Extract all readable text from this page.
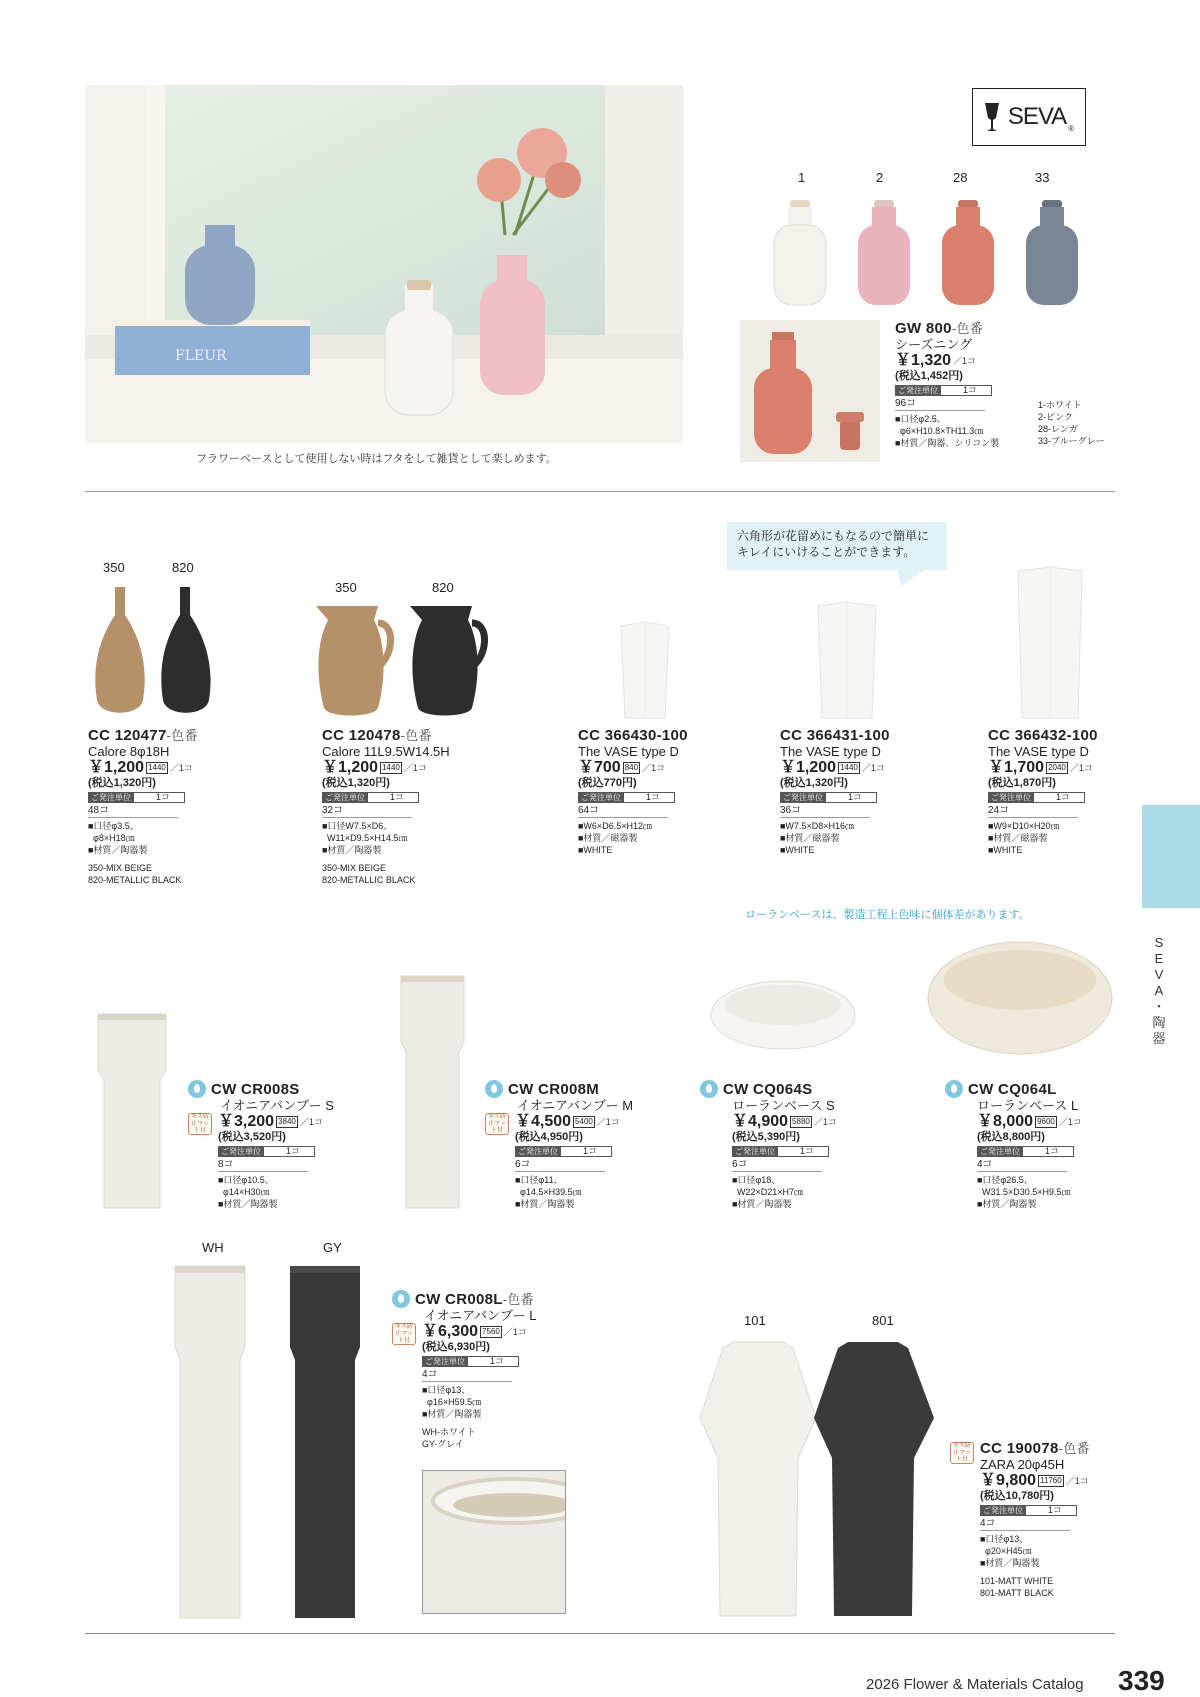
FLEUR
フラワーベースとして使用しない時はフタをして雑貨として楽しめます。
SEVA ®
1	2	28	33
GW 800-色番
シーズニング
￥1,320 ／1コ
(税込1,452円)
ご発注単位	1コ
96コ
■口径φ2.5、
φ6×H10.8×TH11.3㎝
■材質／陶器、シリコン製
1-ホワイト
2-ピンク
28-レンガ
33-ブルーグレー
六角形が花留めにもなるので簡単に
キレイにいけることができます。
350	820
CC 120477-色番
Calore 8φ18H
￥1,200 1440 ／1コ
(税込1,320円)
ご発注単位	1コ
48コ
■口径φ3.5、
φ8×H18㎝
■材質／陶器製
350-MIX BEIGE
820-METALLIC BLACK
350	820
CC 120478-色番
Calore 11L9.5W14.5H
￥1,200 1440 ／1コ
(税込1,320円)
ご発注単位	1コ
32コ
■口径W7.5×D6、
W11×D9.5×H14.5㎝
■材質／陶器製
350-MIX BEIGE
820-METALLIC BLACK
CC 366430-100
The VASE type D
￥700 840 ／1コ
(税込770円)
ご発注単位	1コ
64コ
■W6×D6.5×H12㎝
■材質／磁器製
■WHITE
CC 366431-100
The VASE type D
￥1,200 1440 ／1コ
(税込1,320円)
ご発注単位	1コ
36コ
■W7.5×D8×H16㎝
■材質／磁器製
■WHITE
CC 366432-100
The VASE type D
￥1,700 2040 ／1コ
(税込1,870円)
ご発注単位	1コ
24コ
■W9×D10×H20㎝
■材質／磁器製
■WHITE
S
E
V
A
・
陶
器
ローランベースは、製造工程上色味に個体差があります。
CW CR008S
イオニアバンブー S
キズ防止マット付
￥3,200 3840 ／1コ
(税込3,520円)
ご発注単位	1コ
8コ
■口径φ10.5、
φ14×H30㎝
■材質／陶器製
CW CR008M
イオニアバンブー M
キズ防止マット付
￥4,500 5400 ／1コ
(税込4,950円)
ご発注単位	1コ
6コ
■口径φ11、
φ14.5×H39.5㎝
■材質／陶器製
CW CQ064S
ローランベース S
￥4,900 5880 ／1コ
(税込5,390円)
ご発注単位	1コ
6コ
■口径φ18、
W22×D21×H7㎝
■材質／陶器製
CW CQ064L
ローランベース L
￥8,000 9600 ／1コ
(税込8,800円)
ご発注単位	1コ
4コ
■口径φ26.5、
W31.5×D30.5×H9.5㎝
■材質／陶器製
WH	GY
CW CR008L-色番
イオニアバンブー L
キズ防止マット付
￥6,300 7560 ／1コ
(税込6,930円)
ご発注単位	1コ
4コ
■口径φ13、
φ16×H59.5㎝
■材質／陶器製
WH-ホワイト
GY-グレイ
101	801
キズ防止マット付
CC 190078-色番
ZARA 20φ45H
￥9,800 11760 ／1コ
(税込10,780円)
ご発注単位	1コ
4コ
■口径φ13、
φ20×H45㎝
■材質／陶器製
101-MATT WHITE
801-MATT BLACK
2026 Flower & Materials Catalog 339
